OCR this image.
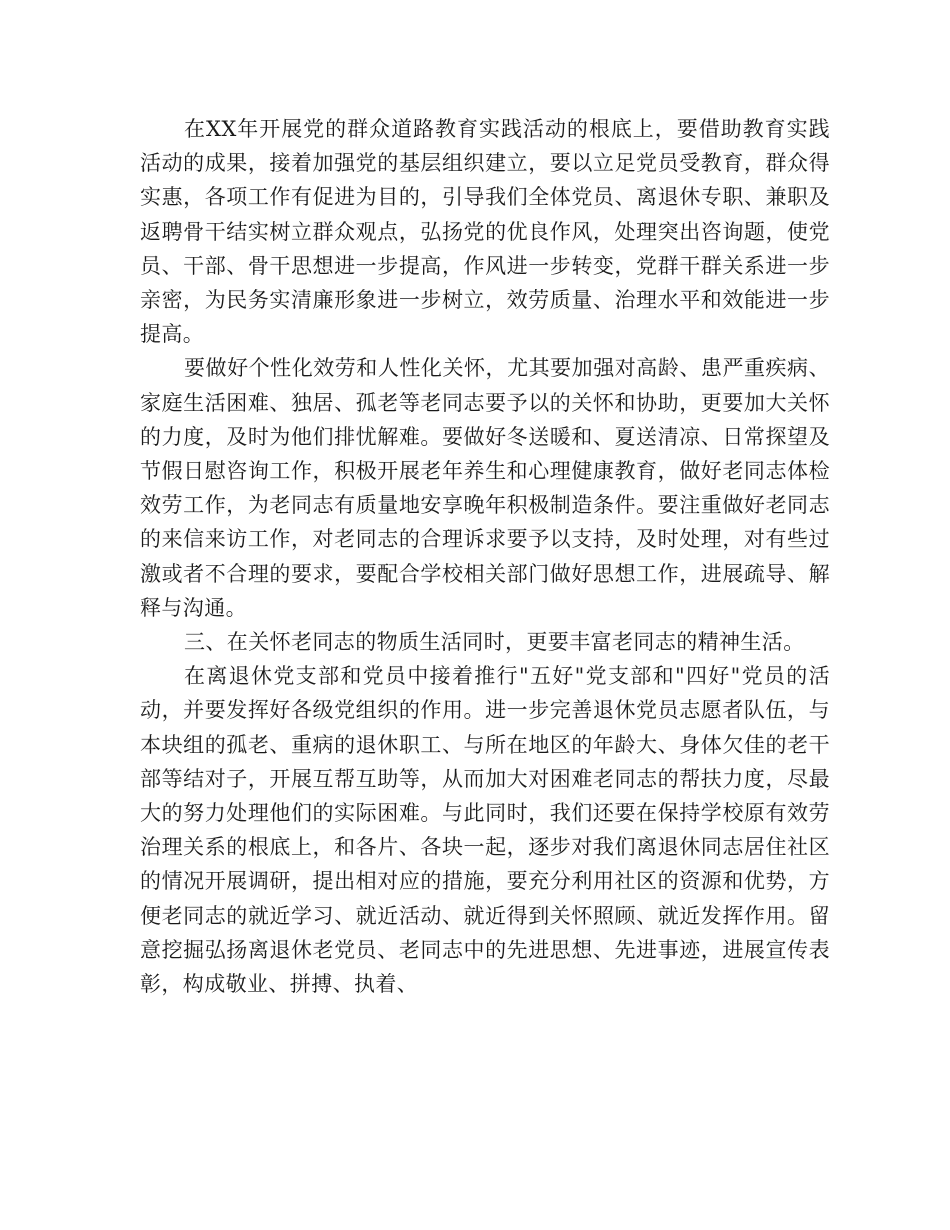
在XX年开展党的群众道路教育实践活动的根底上，要借助教育实践活动的成果，接着加强党的基层组织建立，要以立足党员受教育，群众得实惠，各项工作有促进为目的，引导我们全体党员、离退休专职、兼职及返聘骨干结实树立群众观点，弘扬党的优良作风，处理突出咨询题，使党员、干部、骨干思想进一步提高，作风进一步转变，党群干群关系进一步亲密，为民务实清廉形象进一步树立，效劳质量、治理水平和效能进一步提高。

要做好个性化效劳和人性化关怀，尤其要加强对高龄、患严重疾病、家庭生活困难、独居、孤老等老同志要予以的关怀和协助，更要加大关怀的力度，及时为他们排忧解难。要做好冬送暖和、夏送清凉、日常探望及节假日慰咨询工作，积极开展老年养生和心理健康教育，做好老同志体检效劳工作，为老同志有质量地安享晚年积极制造条件。要注重做好老同志的来信来访工作，对老同志的合理诉求要予以支持，及时处理，对有些过激或者不合理的要求，要配合学校相关部门做好思想工作，进展疏导、解释与沟通。

三、在关怀老同志的物质生活同时，更要丰富老同志的精神生活。

在离退休党支部和党员中接着推行"五好"党支部和"四好"党员的活动，并要发挥好各级党组织的作用。进一步完善退休党员志愿者队伍，与本块组的孤老、重病的退休职工、与所在地区的年龄大、身体欠佳的老干部等结对子，开展互帮互助等，从而加大对困难老同志的帮扶力度，尽最大的努力处理他们的实际困难。与此同时，我们还要在保持学校原有效劳治理关系的根底上，和各片、各块一起，逐步对我们离退休同志居住社区的情况开展调研，提出相对应的措施，要充分利用社区的资源和优势，方便老同志的就近学习、就近活动、就近得到关怀照顾、就近发挥作用。留意挖掘弘扬离退休老党员、老同志中的先进思想、先进事迹，进展宣传表彰，构成敬业、拼搏、执着、
